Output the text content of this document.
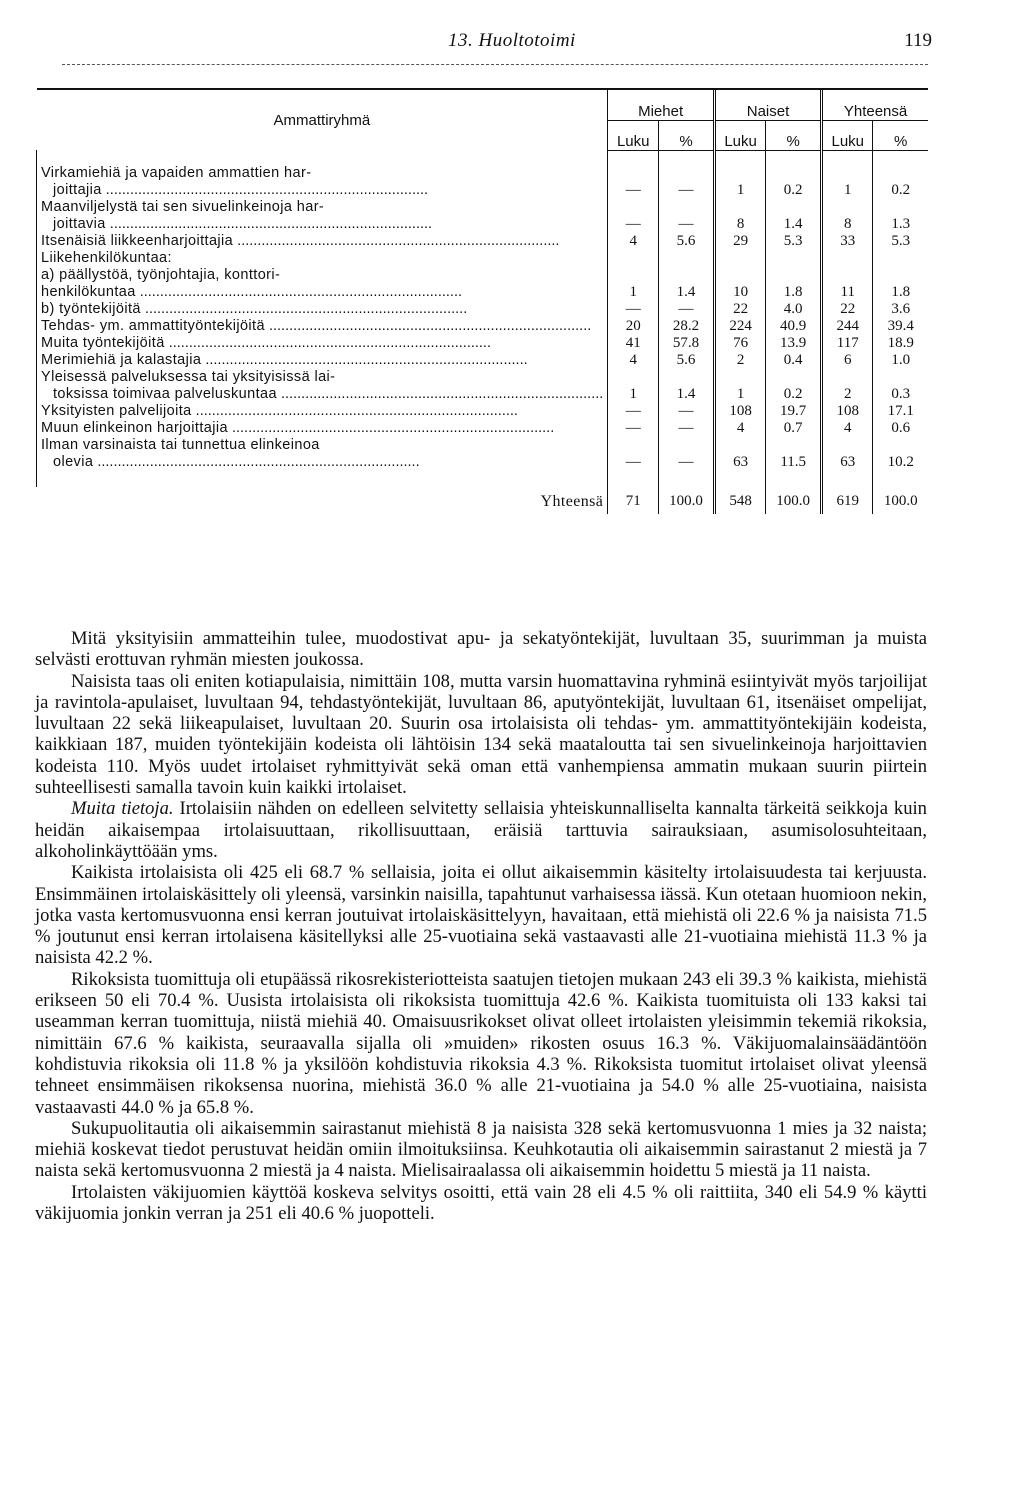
13. Huoltotoimi	119

Ammattiryhmä	Miehet		Naiset		Yhteensä	
	Luku	%	Luku	%	Luku	%

Virkamiehiä ja vapaiden ammattien har-
joittajia ................................................................................	—	—	1	0.2	1	0.2

Maanviljelystä tai sen sivuelinkeinoja har-
joittavia ................................................................................	—	—	8	1.4	8	1.3

Itsenäisiä liikkeenharjoittajia ................................................................................	4	5.6	29	5.3	33	5.3

Liikehenkilökuntaa:						

a) päällystöä, työnjohtajia, konttori-
henkilökuntaa ................................................................................	1	1.4	10	1.8	11	1.8

b) työntekijöitä ................................................................................	—	—	22	4.0	22	3.6

Tehdas- ym. ammattityöntekijöitä ................................................................................	20	28.2	224	40.9	244	39.4

Muita työntekijöitä ................................................................................	41	57.8	76	13.9	117	18.9

Merimiehiä ja kalastajia ................................................................................	4	5.6	2	0.4	6	1.0

Yleisessä palveluksessa tai yksityisissä lai-
toksissa toimivaa palveluskuntaa ................................................................................	1	1.4	1	0.2	2	0.3

Yksityisten palvelijoita ................................................................................	—	—	108	19.7	108	17.1

Muun elinkeinon harjoittajia ................................................................................	—	—	4	0.7	4	0.6

Ilman varsinaista tai tunnettua elinkeinoa
olevia ................................................................................	—	—	63	11.5	63	10.2

Yhteensä	71	100.0	548	100.0	619	100.0

Mitä yksityisiin ammatteihin tulee, muodostivat apu- ja sekatyöntekijät, luvultaan 35, suurimman ja muista selvästi erottuvan ryhmän miesten joukossa.

Naisista taas oli eniten kotiapulaisia, nimittäin 108, mutta varsin huomattavina ryhminä esiintyivät myös tarjoilijat ja ravintola-apulaiset, luvultaan 94, tehdastyöntekijät, luvultaan 86, aputyöntekijät, luvultaan 61, itsenäiset ompelijat, luvultaan 22 sekä liikeapulaiset, luvultaan 20. Suurin osa irtolaisista oli tehdas- ym. ammattityöntekijäin kodeista, kaikkiaan 187, muiden työntekijäin kodeista oli lähtöisin 134 sekä maataloutta tai sen sivuelinkeinoja harjoittavien kodeista 110. Myös uudet irtolaiset ryhmittyivät sekä oman että vanhempiensa ammatin mukaan suurin piirtein suhteellisesti samalla tavoin kuin kaikki irtolaiset.

Muita tietoja. Irtolaisiin nähden on edelleen selvitetty sellaisia yhteiskunnalliselta kannalta tärkeitä seikkoja kuin heidän aikaisempaa irtolaisuuttaan, rikollisuuttaan, eräisiä tarttuvia sairauksiaan, asumisolosuhteitaan, alkoholinkäyttöään yms.

Kaikista irtolaisista oli 425 eli 68.7 % sellaisia, joita ei ollut aikaisemmin käsitelty irtolaisuudesta tai kerjuusta. Ensimmäinen irtolaiskäsittely oli yleensä, varsinkin naisilla, tapahtunut varhaisessa iässä. Kun otetaan huomioon nekin, jotka vasta kertomusvuonna ensi kerran joutuivat irtolaiskäsittelyyn, havaitaan, että miehistä oli 22.6 % ja naisista 71.5 % joutunut ensi kerran irtolaisena käsitellyksi alle 25-vuotiaina sekä vastaavasti alle 21-vuotiaina miehistä 11.3 % ja naisista 42.2 %.

Rikoksista tuomittuja oli etupäässä rikosrekisteriotteista saatujen tietojen mukaan 243 eli 39.3 % kaikista, miehistä erikseen 50 eli 70.4 %. Uusista irtolaisista oli rikoksista tuomittuja 42.6 %. Kaikista tuomituista oli 133 kaksi tai useamman kerran tuomittuja, niistä miehiä 40. Omaisuusrikokset olivat olleet irtolaisten yleisimmin tekemiä rikoksia, nimittäin 67.6 % kaikista, seuraavalla sijalla oli »muiden» rikosten osuus 16.3 %. Väkijuomalainsäädäntöön kohdistuvia rikoksia oli 11.8 % ja yksilöön kohdistuvia rikoksia 4.3 %. Rikoksista tuomitut irtolaiset olivat yleensä tehneet ensimmäisen rikoksensa nuorina, miehistä 36.0 % alle 21-vuotiaina ja 54.0 % alle 25-vuotiaina, naisista vastaavasti 44.0 % ja 65.8 %.

Sukupuolitautia oli aikaisemmin sairastanut miehistä 8 ja naisista 328 sekä kertomusvuonna 1 mies ja 32 naista; miehiä koskevat tiedot perustuvat heidän omiin ilmoituksiinsa. Keuhkotautia oli aikaisemmin sairastanut 2 miestä ja 7 naista sekä kertomusvuonna 2 miestä ja 4 naista. Mielisairaalassa oli aikaisemmin hoidettu 5 miestä ja 11 naista.

Irtolaisten väkijuomien käyttöä koskeva selvitys osoitti, että vain 28 eli 4.5 % oli raittiita, 340 eli 54.9 % käytti väkijuomia jonkin verran ja 251 eli 40.6 % juopotteli.
